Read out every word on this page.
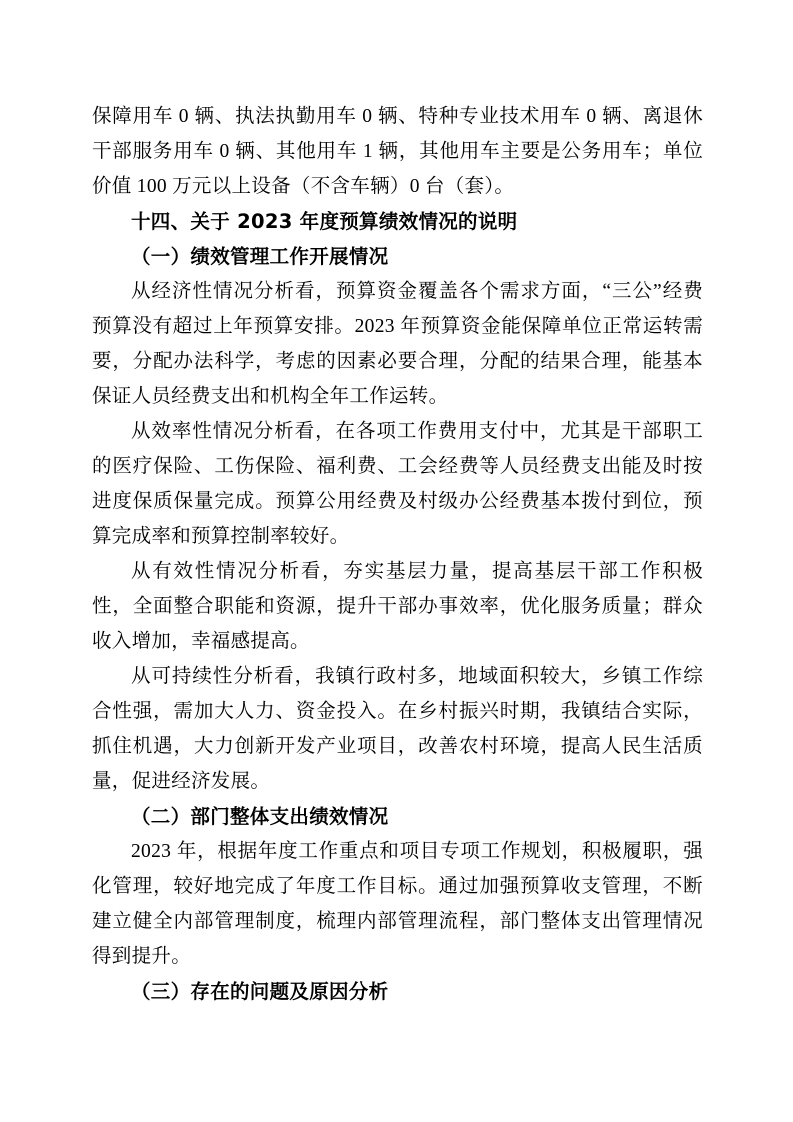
保障用车 0 辆、执法执勤用车 0 辆、特种专业技术用车 0 辆、离退休干部服务用车 0 辆、其他用车 1 辆，其他用车主要是公务用车；单位价值 100 万元以上设备（不含车辆）0 台（套）。

十四、关于 2023 年度预算绩效情况的说明

（一）绩效管理工作开展情况

从经济性情况分析看，预算资金覆盖各个需求方面，“三公”经费预算没有超过上年预算安排。2023 年预算资金能保障单位正常运转需要，分配办法科学，考虑的因素必要合理，分配的结果合理，能基本保证人员经费支出和机构全年工作运转。

从效率性情况分析看，在各项工作费用支付中，尤其是干部职工的医疗保险、工伤保险、福利费、工会经费等人员经费支出能及时按进度保质保量完成。预算公用经费及村级办公经费基本拨付到位，预算完成率和预算控制率较好。

从有效性情况分析看，夯实基层力量，提高基层干部工作积极性，全面整合职能和资源，提升干部办事效率，优化服务质量；群众收入增加，幸福感提高。

从可持续性分析看，我镇行政村多，地域面积较大，乡镇工作综合性强，需加大人力、资金投入。在乡村振兴时期，我镇结合实际，抓住机遇，大力创新开发产业项目，改善农村环境，提高人民生活质量，促进经济发展。

（二）部门整体支出绩效情况

2023 年，根据年度工作重点和项目专项工作规划，积极履职，强化管理，较好地完成了年度工作目标。通过加强预算收支管理，不断建立健全内部管理制度，梳理内部管理流程，部门整体支出管理情况得到提升。

（三）存在的问题及原因分析
